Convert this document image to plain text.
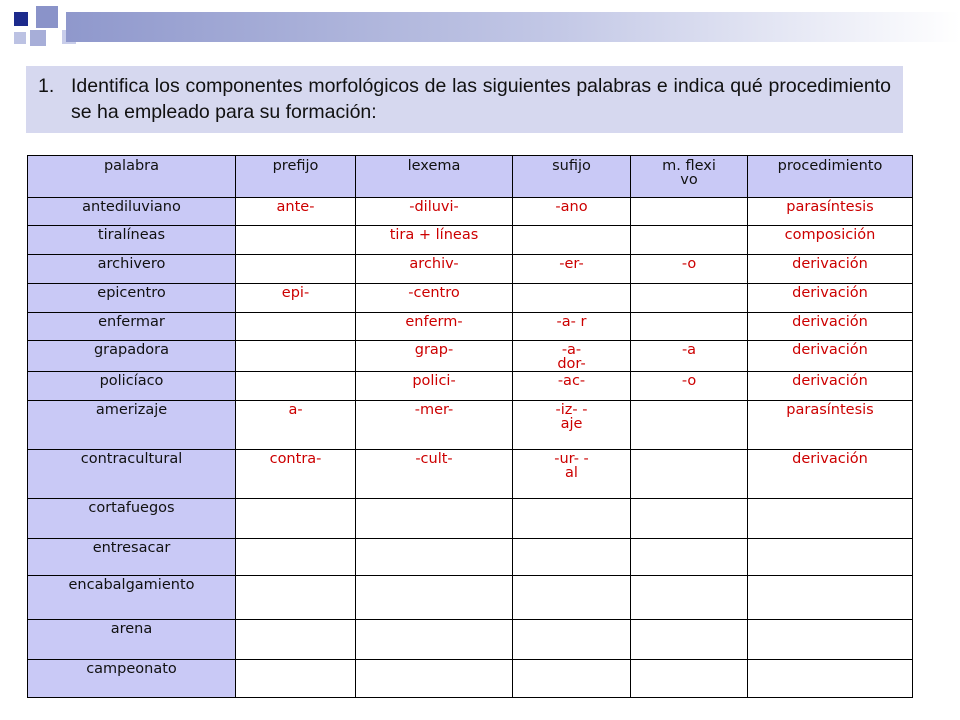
1. Identifica los componentes morfológicos de las siguientes palabras e indica qué procedimiento se ha empleado para su formación:
palabra	prefijo	lexema	sufijo	m. flexivo	procedimiento
antediluviano	ante-	-diluvi-	-ano		parasíntesis
tiralíneas		tira + líneas			composición
archivero		archiv-	-er-	-o	derivación
epicentro	epi-	-centro			derivación
enfermar		enferm-	-a- r		derivación
grapadora		grap-	-a-dor-	-a	derivación
policíaco		polici-	-ac-	-o	derivación
amerizaje	a-	-mer-	-iz- -aje		parasíntesis
contracultural	contra-	-cult-	-ur- -al		derivación
cortafuegos					
entresacar					
encabalgamiento					
arena					
campeonato					
